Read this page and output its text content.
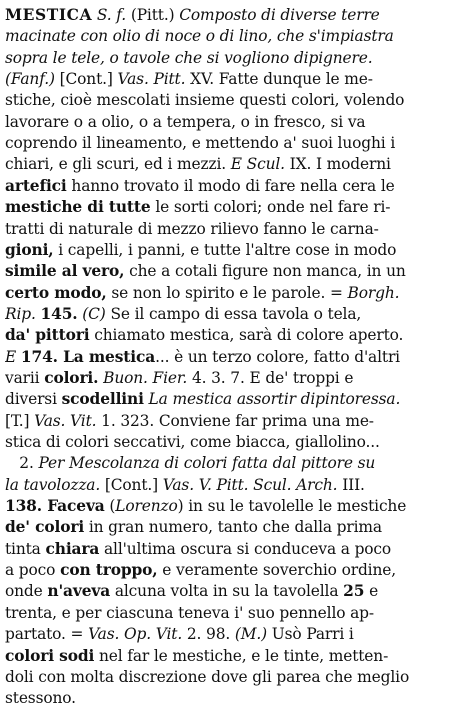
MESTICA S. f. (Pitt.) Composto di diverse terre
macinate con olio di noce o di lino, che s'impiastra
sopra le tele, o tavole che si vogliono dipignere.
(Fanf.) [Cont.] Vas. Pitt. XV. Fatte dunque le me-
stiche, cioè mescolati insieme questi colori, volendo
lavorare o a olio, o a tempera, o in fresco, si va
coprendo il lineamento, e mettendo a' suoi luoghi i
chiari, e gli scuri, ed i mezzi. E Scul. IX. I moderni
artefici hanno trovato il modo di fare nella cera le
mestiche di tutte le sorti colori; onde nel fare ri-
tratti di naturale di mezzo rilievo fanno le carna-
gioni, i capelli, i panni, e tutte l'altre cose in modo
simile al vero, che a cotali figure non manca, in un
certo modo, se non lo spirito e le parole. = Borgh.
Rip. 145. (C) Se il campo di essa tavola o tela,
da' pittori chiamato mestica, sarà di colore aperto.
E 174. La mestica... è un terzo colore, fatto d'altri
varii colori. Buon. Fier. 4. 3. 7. E de' troppi e
diversi scodellini La mestica assortir dipintoressa.
[T.] Vas. Vit. 1. 323. Conviene far prima una me-
stica di colori seccativi, come biacca, giallolino...
2. Per Mescolanza di colori fatta dal pittore su
la tavolozza. [Cont.] Vas. V. Pitt. Scul. Arch. III.
138. Faceva (Lorenzo) in su le tavolelle le mestiche
de' colori in gran numero, tanto che dalla prima
tinta chiara all'ultima oscura si conduceva a poco
a poco con troppo, e veramente soverchio ordine,
onde n'aveva alcuna volta in su la tavolella 25 e
trenta, e per ciascuna teneva i' suo pennello ap-
partato. = Vas. Op. Vit. 2. 98. (M.) Usò Parri i
colori sodi nel far le mestiche, e le tinte, metten-
doli con molta discrezione dove gli parea che meglio
stessono.
